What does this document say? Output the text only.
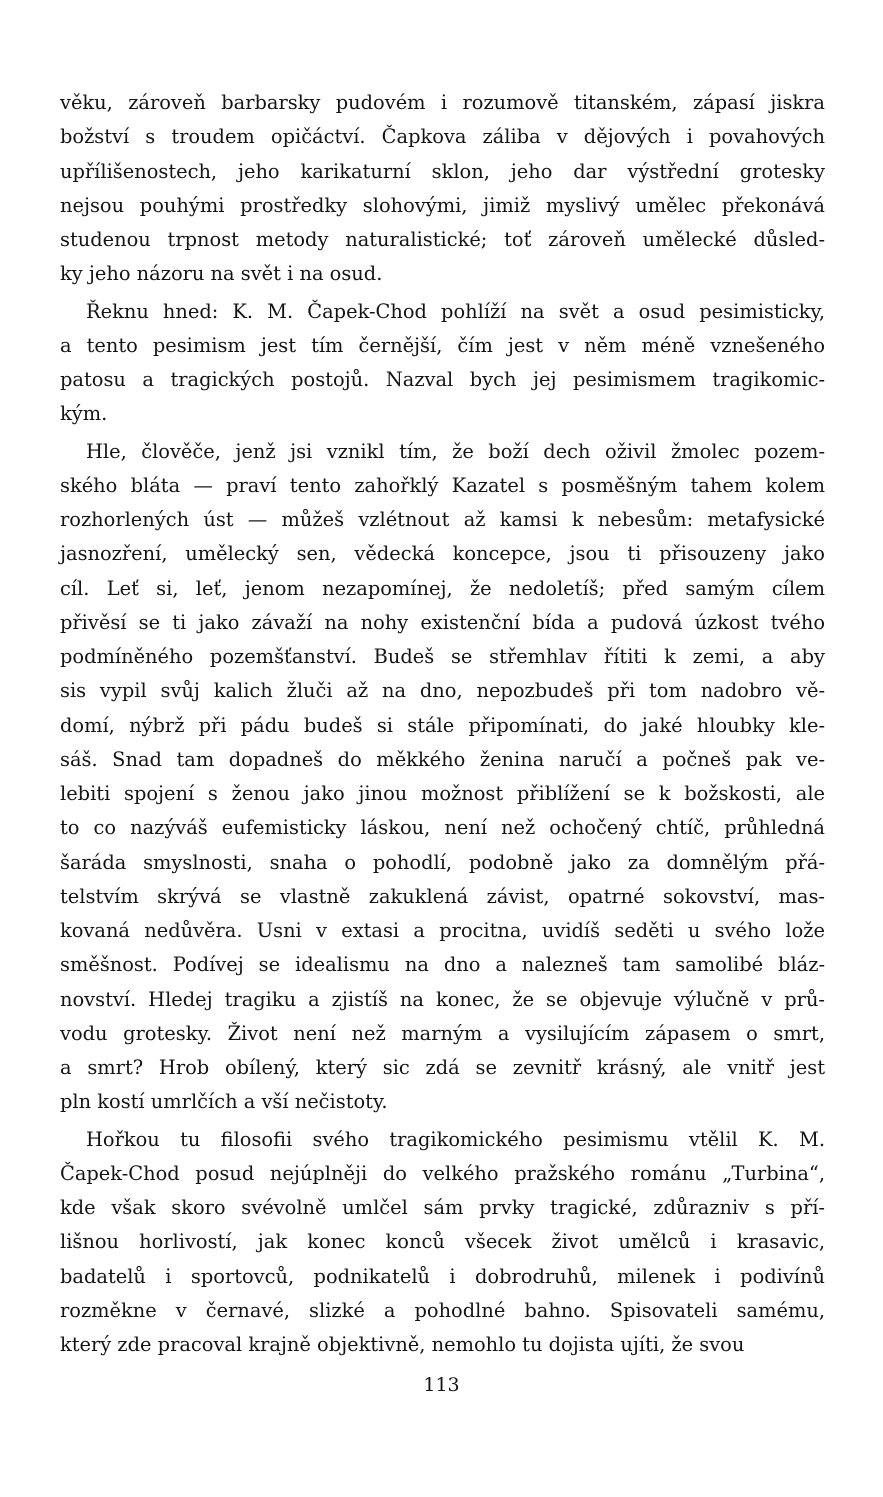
věku, zároveň barbarsky pudovém i rozumově titanském, zápasí jiskra
božství s troudem opičáctví. Čapkova záliba v dějových i povahových
upřílišenostech, jeho karikaturní sklon, jeho dar výstřední grotesky
nejsou pouhými prostředky slohovými, jimiž myslivý umělec překonává
studenou trpnost metody naturalistické; toť zároveň umělecké důsled-
ky jeho názoru na svět i na osud.

Řeknu hned: K. M. Čapek-Chod pohlíží na svět a osud pesimisticky,
a tento pesimism jest tím černější, čím jest v něm méně vznešeného
patosu a tragických postojů. Nazval bych jej pesimismem tragikomic-
kým.

Hle, člověče, jenž jsi vznikl tím, že boží dech oživil žmolec pozem-
ského bláta — praví tento zahořklý Kazatel s posměšným tahem kolem
rozhorlených úst — můžeš vzlétnout až kamsi k nebesům: metafysické
jasnozření, umělecký sen, vědecká koncepce, jsou ti přisouzeny jako
cíl. Leť si, leť, jenom nezapomínej, že nedoletíš; před samým cílem
přivěsí se ti jako závaží na nohy existenční bída a pudová úzkost tvého
podmíněného pozemšťanství. Budeš se střemhlav řítiti k zemi, a aby
sis vypil svůj kalich žluči až na dno, nepozbudeš při tom nadobro vě-
domí, nýbrž při pádu budeš si stále připomínati, do jaké hloubky kle-
sáš. Snad tam dopadneš do měkkého ženina naručí a počneš pak ve-
lebiti spojení s ženou jako jinou možnost přiblížení se k božskosti, ale
to co nazýváš eufemisticky láskou, není než ochočený chtíč, průhledná
šaráda smyslnosti, snaha o pohodlí, podobně jako za domnělým přá-
telstvím skrývá se vlastně zakuklená závist, opatrné sokovství, mas-
kovaná nedůvěra. Usni v extasi a procitna, uvidíš seděti u svého lože
směšnost. Podívej se idealismu na dno a nalezneš tam samolibé bláz-
novství. Hledej tragiku a zjistíš na konec, že se objevuje výlučně v prů-
vodu grotesky. Život není než marným a vysilujícím zápasem o smrt,
a smrt? Hrob obílený, který sic zdá se zevnitř krásný, ale vnitř jest
pln kostí umrlčích a vší nečistoty.

Hořkou tu filosofii svého tragikomického pesimismu vtělil K. M.
Čapek-Chod posud nejúplněji do velkého pražského románu „Turbina“,
kde však skoro svévolně umlčel sám prvky tragické, zdůrazniv s pří-
lišnou horlivostí, jak konec konců všecek život umělců i krasavic,
badatelů i sportovců, podnikatelů i dobrodruhů, milenek i podivínů
rozměkne v černavé, slizké a pohodlné bahno. Spisovateli samému,
který zde pracoval krajně objektivně, nemohlo tu dojista ujíti, že svou

113
